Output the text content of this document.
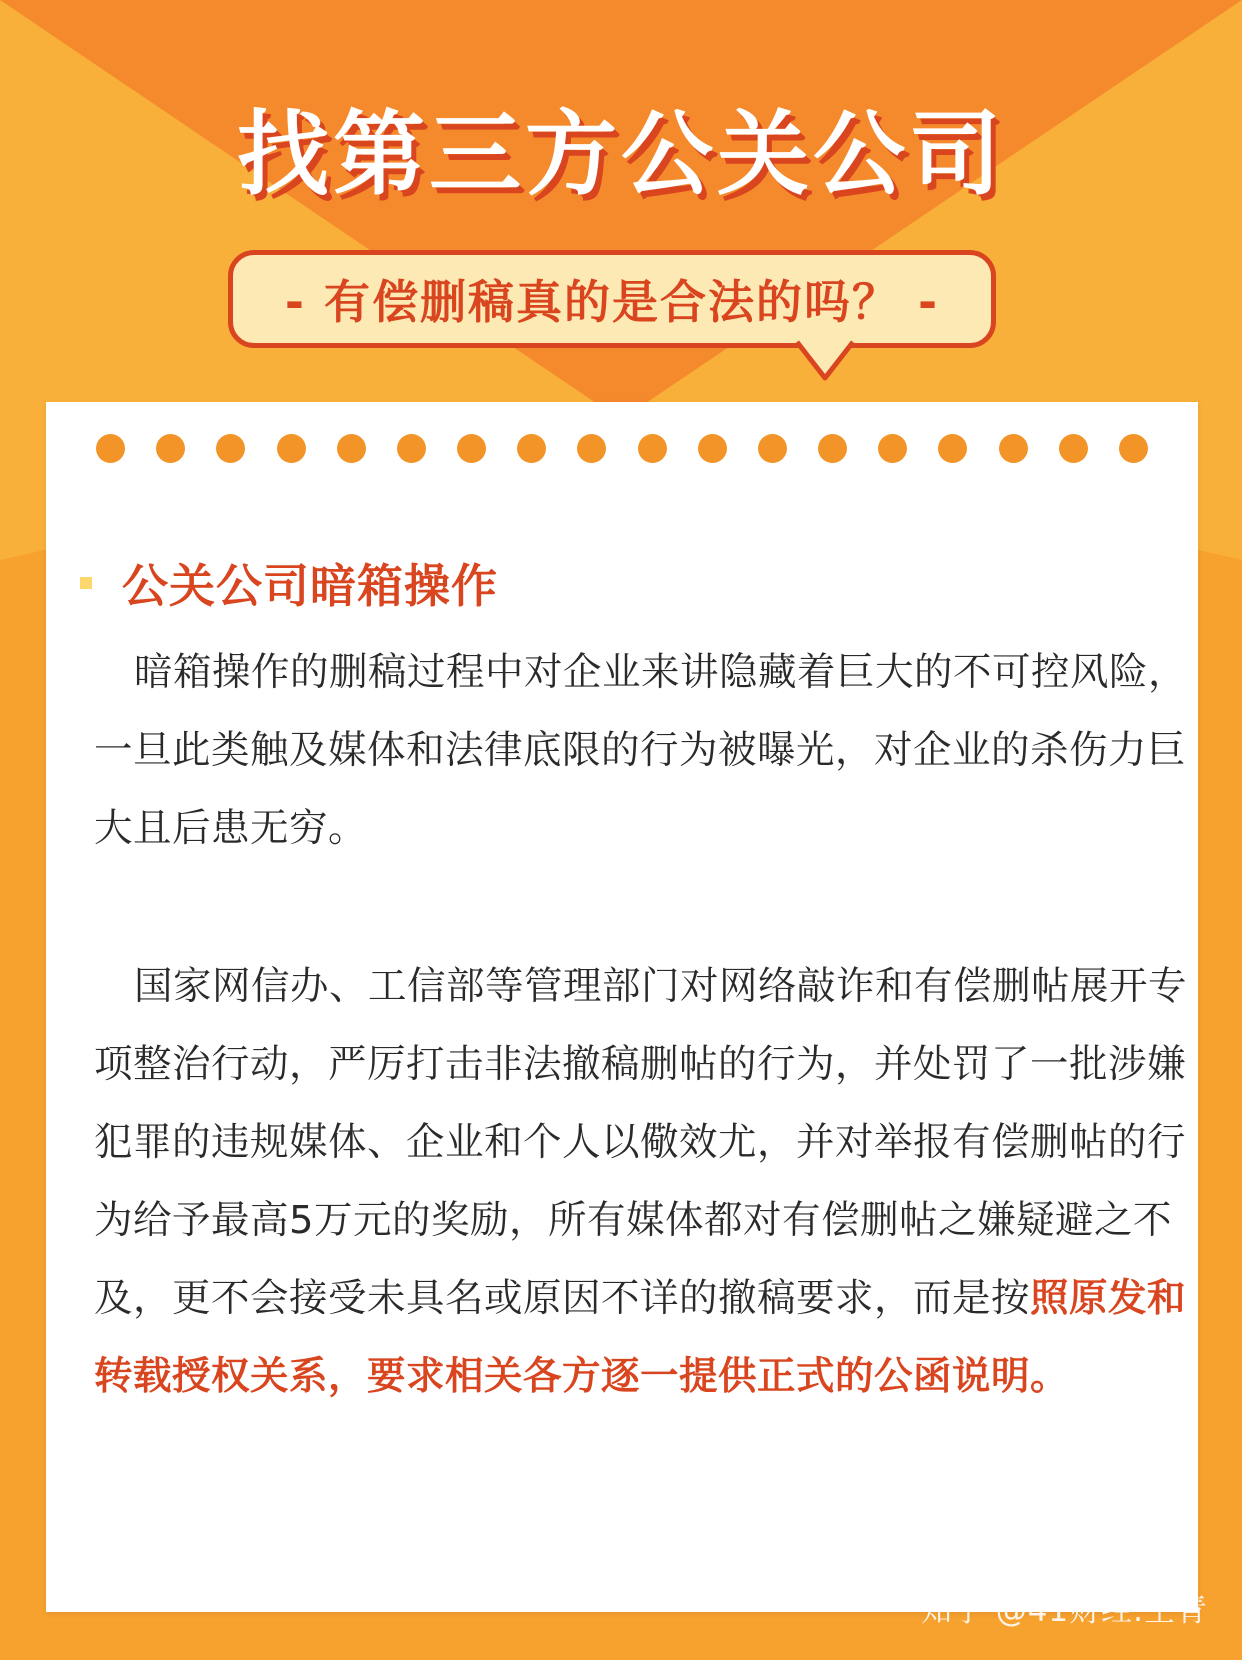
找第三方公关公司
- 有偿删稿真的是合法的吗？ -
公关公司暗箱操作

暗箱操作的删稿过程中对企业来讲隐藏着巨大的不可控风险，一旦此类触及媒体和法律底限的行为被曝光，对企业的杀伤力巨大且后患无穷。

国家网信办、工信部等管理部门对网络敲诈和有偿删帖展开专项整治行动，严厉打击非法撤稿删帖的行为，并处罚了一批涉嫌犯罪的违规媒体、企业和个人以儆效尤，并对举报有偿删帖的行为给予最高5万元的奖励，所有媒体都对有偿删帖之嫌疑避之不及，更不会接受未具名或原因不详的撤稿要求，而是按照原发和转载授权关系，要求相关各方逐一提供正式的公函说明。

知乎 @41财经.空青
